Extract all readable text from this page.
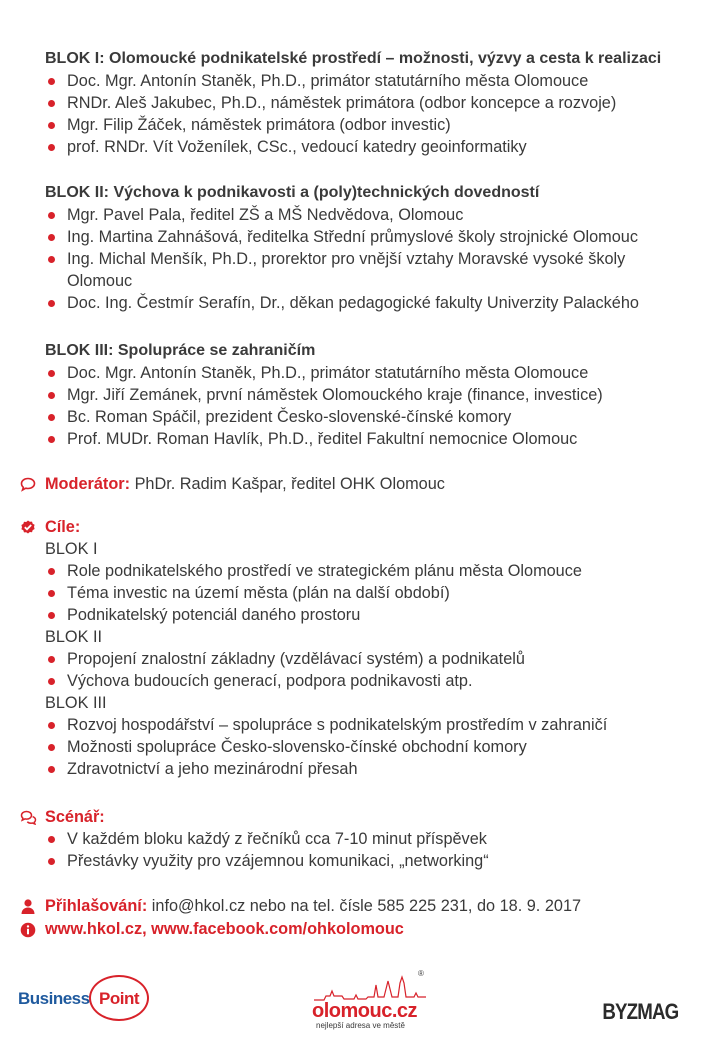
BLOK I: Olomoucké podnikatelské prostředí – možnosti, výzvy a cesta k realizaci
Doc. Mgr. Antonín Staněk, Ph.D., primátor statutárního města Olomouce
RNDr. Aleš Jakubec, Ph.D., náměstek primátora (odbor koncepce a rozvoje)
Mgr. Filip Žáček, náměstek primátora (odbor investic)
prof. RNDr. Vít Voženílek, CSc., vedoucí katedry geoinformatiky
BLOK II: Výchova k podnikavosti a (poly)technických dovedností
Mgr. Pavel Pala, ředitel ZŠ a MŠ Nedvědova, Olomouc
Ing. Martina Zahnášová, ředitelka Střední průmyslové školy strojnické Olomouc
Ing. Michal Menšík, Ph.D., prorektor pro vnější vztahy Moravské vysoké školy Olomouc
Doc. Ing. Čestmír Serafín, Dr., děkan pedagogické fakulty Univerzity Palackého
BLOK III: Spolupráce se zahraničím
Doc. Mgr. Antonín Staněk, Ph.D., primátor statutárního města Olomouce
Mgr. Jiří Zemánek, první náměstek Olomouckého kraje (finance, investice)
Bc. Roman Spáčil, prezident Česko-slovenské-čínské komory
Prof. MUDr. Roman Havlík, Ph.D., ředitel Fakultní nemocnice Olomouc
Moderátor: PhDr. Radim Kašpar, ředitel OHK Olomouc
Cíle:
BLOK I
Role podnikatelského prostředí ve strategickém plánu města Olomouce
Téma investic na území města (plán na další období)
Podnikatelský potenciál daného prostoru
BLOK II
Propojení znalostní základny (vzdělávací systém) a podnikatelů
Výchova budoucích generací, podpora podnikavosti atp.
BLOK III
Rozvoj hospodářství – spolupráce s podnikatelským prostředím v zahraničí
Možnosti spolupráce Česko-slovensko-čínské obchodní komory
Zdravotnictví a jeho mezinárodní přesah
Scénář:
V každém bloku každý z řečníků cca 7-10 minut příspěvek
Přestávky využity pro vzájemnou komunikaci, „networking“
Přihlašování: info@hkol.cz nebo na tel. čísle 585 225 231, do 18. 9. 2017
www.hkol.cz, www.facebook.com/ohkolomouc
Business Point
®
olomouc.cz
nejlepší adresa ve městě
BYZMAG
